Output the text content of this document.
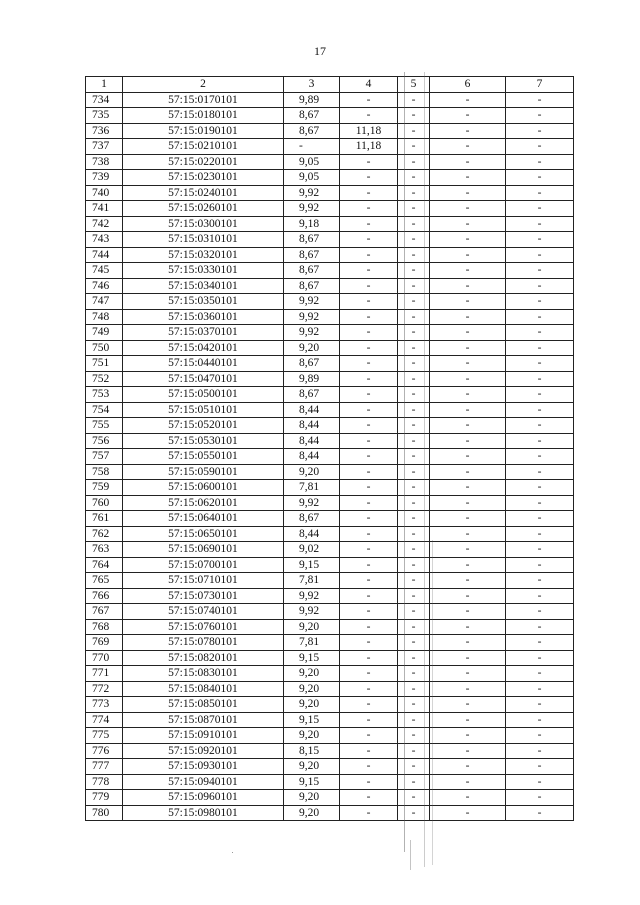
17
1	2	3	4	5	6	7
734	57:15:0170101	9,89	-	-	-	-
735	57:15:0180101	8,67	-	-	-	-
736	57:15:0190101	8,67	11,18	-	-	-
737	57:15:0210101	-	11,18	-	-	-
738	57:15:0220101	9,05	-	-	-	-
739	57:15:0230101	9,05	-	-	-	-
740	57:15:0240101	9,92	-	-	-	-
741	57:15:0260101	9,92	-	-	-	-
742	57:15:0300101	9,18	-	-	-	-
743	57:15:0310101	8,67	-	-	-	-
744	57:15:0320101	8,67	-	-	-	-
745	57:15:0330101	8,67	-	-	-	-
746	57:15:0340101	8,67	-	-	-	-
747	57:15:0350101	9,92	-	-	-	-
748	57:15:0360101	9,92	-	-	-	-
749	57:15:0370101	9,92	-	-	-	-
750	57:15:0420101	9,20	-	-	-	-
751	57:15:0440101	8,67	-	-	-	-
752	57:15:0470101	9,89	-	-	-	-
753	57:15:0500101	8,67	-	-	-	-
754	57:15:0510101	8,44	-	-	-	-
755	57:15:0520101	8,44	-	-	-	-
756	57:15:0530101	8,44	-	-	-	-
757	57:15:0550101	8,44	-	-	-	-
758	57:15:0590101	9,20	-	-	-	-
759	57:15:0600101	7,81	-	-	-	-
760	57:15:0620101	9,92	-	-	-	-
761	57:15:0640101	8,67	-	-	-	-
762	57:15:0650101	8,44	-	-	-	-
763	57:15:0690101	9,02	-	-	-	-
764	57:15:0700101	9,15	-	-	-	-
765	57:15:0710101	7,81	-	-	-	-
766	57:15:0730101	9,92	-	-	-	-
767	57:15:0740101	9,92	-	-	-	-
768	57:15:0760101	9,20	-	-	-	-
769	57:15:0780101	7,81	-	-	-	-
770	57:15:0820101	9,15	-	-	-	-
771	57:15:0830101	9,20	-	-	-	-
772	57:15:0840101	9,20	-	-	-	-
773	57:15:0850101	9,20	-	-	-	-
774	57:15:0870101	9,15	-	-	-	-
775	57:15:0910101	9,20	-	-	-	-
776	57:15:0920101	8,15	-	-	-	-
777	57:15:0930101	9,20	-	-	-	-
778	57:15:0940101	9,15	-	-	-	-
779	57:15:0960101	9,20	-	-	-	-
780	57:15:0980101	9,20	-	-	-	-
